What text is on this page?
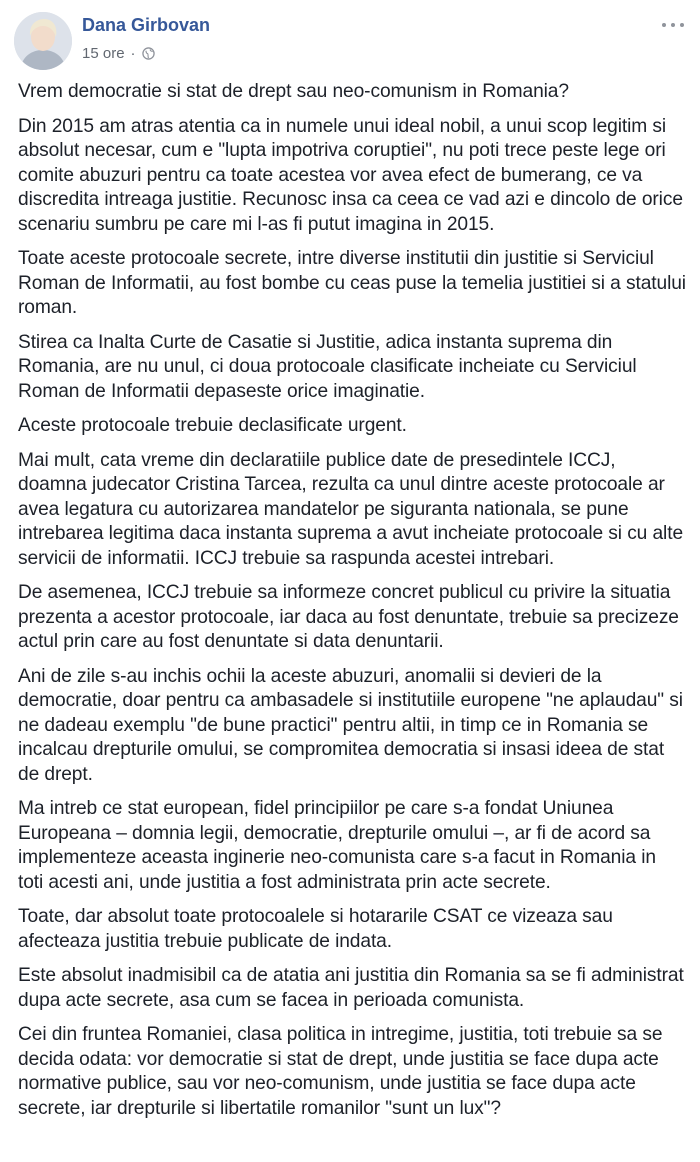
Dana Girbovan
15 ore ·

Vrem democratie si stat de drept sau neo-comunism in Romania?

Din 2015 am atras atentia ca in numele unui ideal nobil, a unui scop legitim si absolut necesar, cum e "lupta impotriva coruptiei", nu poti trece peste lege ori comite abuzuri pentru ca toate acestea vor avea efect de bumerang, ce va discredita intreaga justitie. Recunosc insa ca ceea ce vad azi e dincolo de orice scenariu sumbru pe care mi l-as fi putut imagina in 2015.

Toate aceste protocoale secrete, intre diverse institutii din justitie si Serviciul Roman de Informatii, au fost bombe cu ceas puse la temelia justitiei si a statului roman.

Stirea ca Inalta Curte de Casatie si Justitie, adica instanta suprema din Romania, are nu unul, ci doua protocoale clasificate incheiate cu Serviciul Roman de Informatii depaseste orice imaginatie.

Aceste protocoale trebuie declasificate urgent.

Mai mult, cata vreme din declaratiile publice date de presedintele ICCJ, doamna judecator Cristina Tarcea, rezulta ca unul dintre aceste protocoale ar avea legatura cu autorizarea mandatelor pe siguranta nationala, se pune intrebarea legitima daca instanta suprema a avut incheiate protocoale si cu alte servicii de informatii. ICCJ trebuie sa raspunda acestei intrebari.

De asemenea, ICCJ trebuie sa informeze concret publicul cu privire la situatia prezenta a acestor protocoale, iar daca au fost denuntate, trebuie sa precizeze actul prin care au fost denuntate si data denuntarii.

Ani de zile s-au inchis ochii la aceste abuzuri, anomalii si devieri de la democratie, doar pentru ca ambasadele si institutiile europene "ne aplaudau" si ne dadeau exemplu "de bune practici" pentru altii, in timp ce in Romania se incalcau drepturile omului, se compromitea democratia si insasi ideea de stat de drept.

Ma intreb ce stat european, fidel principiilor pe care s-a fondat Uniunea Europeana – domnia legii, democratie, drepturile omului –, ar fi de acord sa implementeze aceasta inginerie neo-comunista care s-a facut in Romania in toti acesti ani, unde justitia a fost administrata prin acte secrete.

Toate, dar absolut toate protocoalele si hotararile CSAT ce vizeaza sau afecteaza justitia trebuie publicate de indata.

Este absolut inadmisibil ca de atatia ani justitia din Romania sa se fi administrat dupa acte secrete, asa cum se facea in perioada comunista.

Cei din fruntea Romaniei, clasa politica in intregime, justitia, toti trebuie sa se decida odata: vor democratie si stat de drept, unde justitia se face dupa acte normative publice, sau vor neo-comunism, unde justitia se face dupa acte secrete, iar drepturile si libertatile romanilor "sunt un lux"?
